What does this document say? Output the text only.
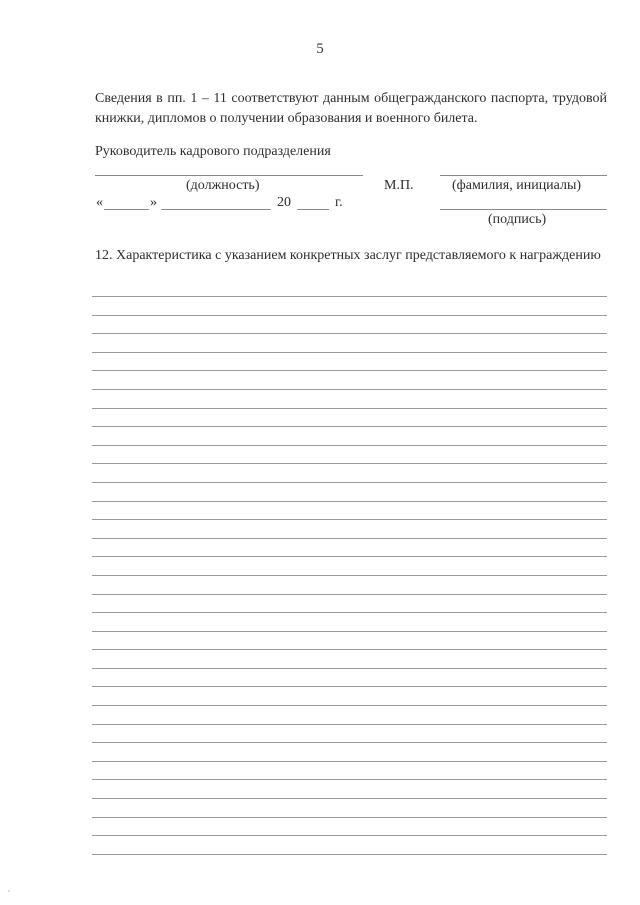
5
Сведения в пп. 1 – 11 соответствуют данным общегражданского паспорта, трудовой книжки, дипломов о получении образования и военного билета.
Руководитель кадрового подразделения
(должность)	М.П.	(фамилия, инициалы)
«	»	20	г.
(подпись)
12. Характеристика с указанием конкретных заслуг представляемого к награждению
,
